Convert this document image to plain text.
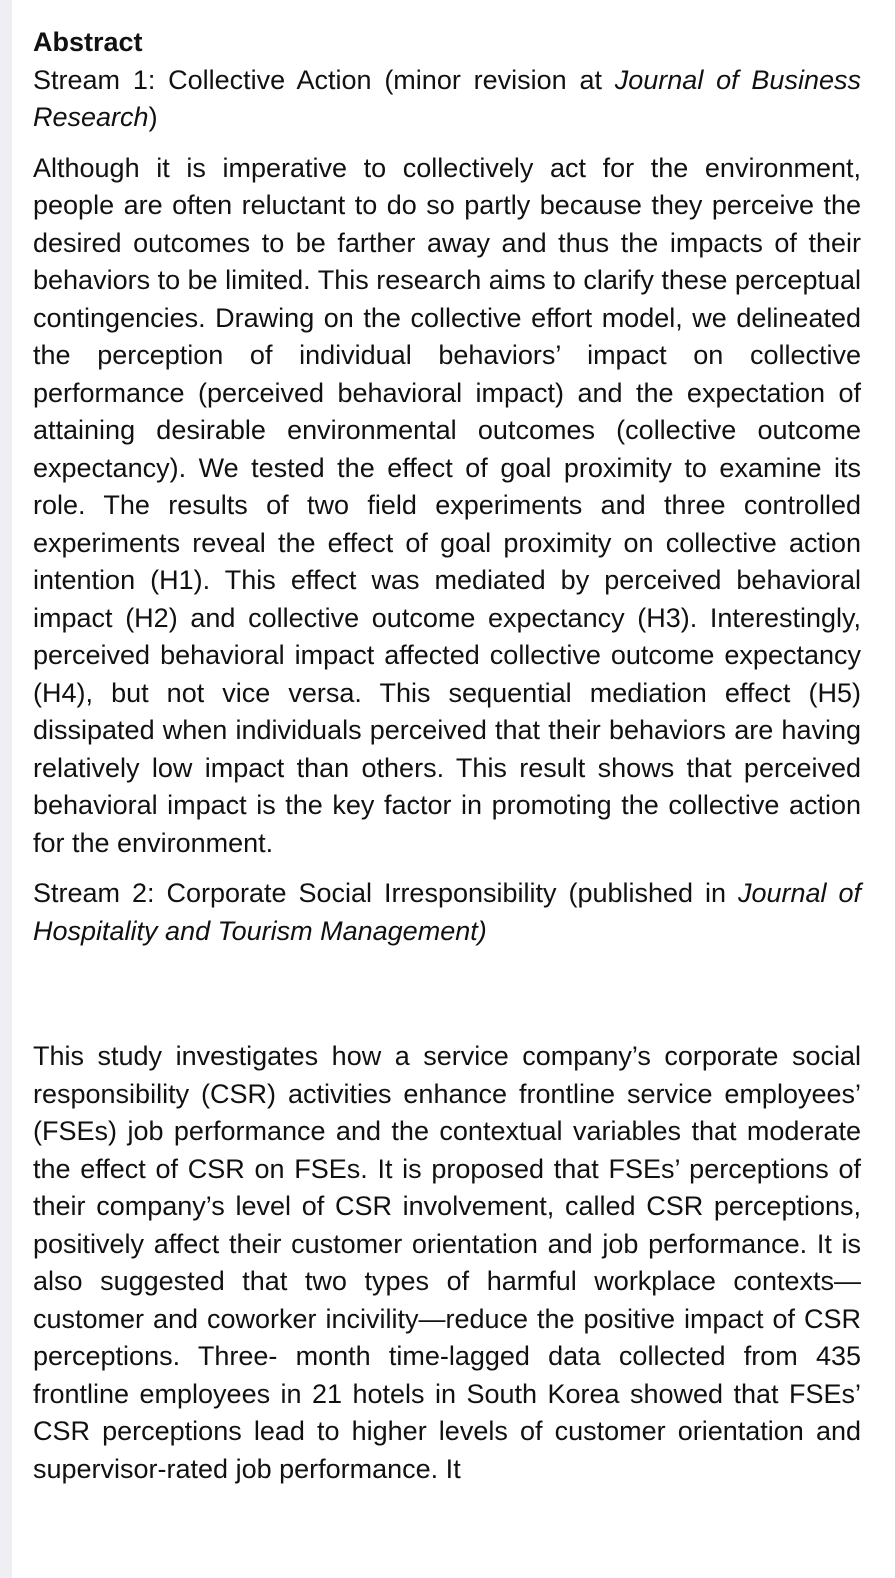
Abstract

Stream 1: Collective Action (minor revision at Journal of Business Research)

Although it is imperative to collectively act for the environment, people are often reluctant to do so partly because they perceive the desired outcomes to be farther away and thus the impacts of their behaviors to be limited. This research aims to clarify these perceptual contingencies. Drawing on the collective effort model, we delineated the perception of individual behaviors’ impact on collective performance (perceived behavioral impact) and the expectation of attaining desirable environmental outcomes (collective outcome expectancy). We tested the effect of goal proximity to examine its role. The results of two field experiments and three controlled experiments reveal the effect of goal proximity on collective action intention (H1). This effect was mediated by perceived behavioral impact (H2) and collective outcome expectancy (H3). Interestingly, perceived behavioral impact affected collective outcome expectancy (H4), but not vice versa. This sequential mediation effect (H5) dissipated when individuals perceived that their behaviors are having relatively low impact than others. This result shows that perceived behavioral impact is the key factor in promoting the collective action for the environment.

Stream 2: Corporate Social Irresponsibility (published in Journal of Hospitality and Tourism Management)

This study investigates how a service company’s corporate social responsibility (CSR) activities enhance frontline service employees’ (FSEs) job performance and the contextual variables that moderate the effect of CSR on FSEs. It is proposed that FSEs’ perceptions of their company’s level of CSR involvement, called CSR perceptions, positively affect their customer orientation and job performance. It is also suggested that two types of harmful workplace contexts—customer and coworker incivility—reduce the positive impact of CSR perceptions. Three- month time-lagged data collected from 435 frontline employees in 21 hotels in South Korea showed that FSEs’ CSR perceptions lead to higher levels of customer orientation and supervisor-rated job performance. It
